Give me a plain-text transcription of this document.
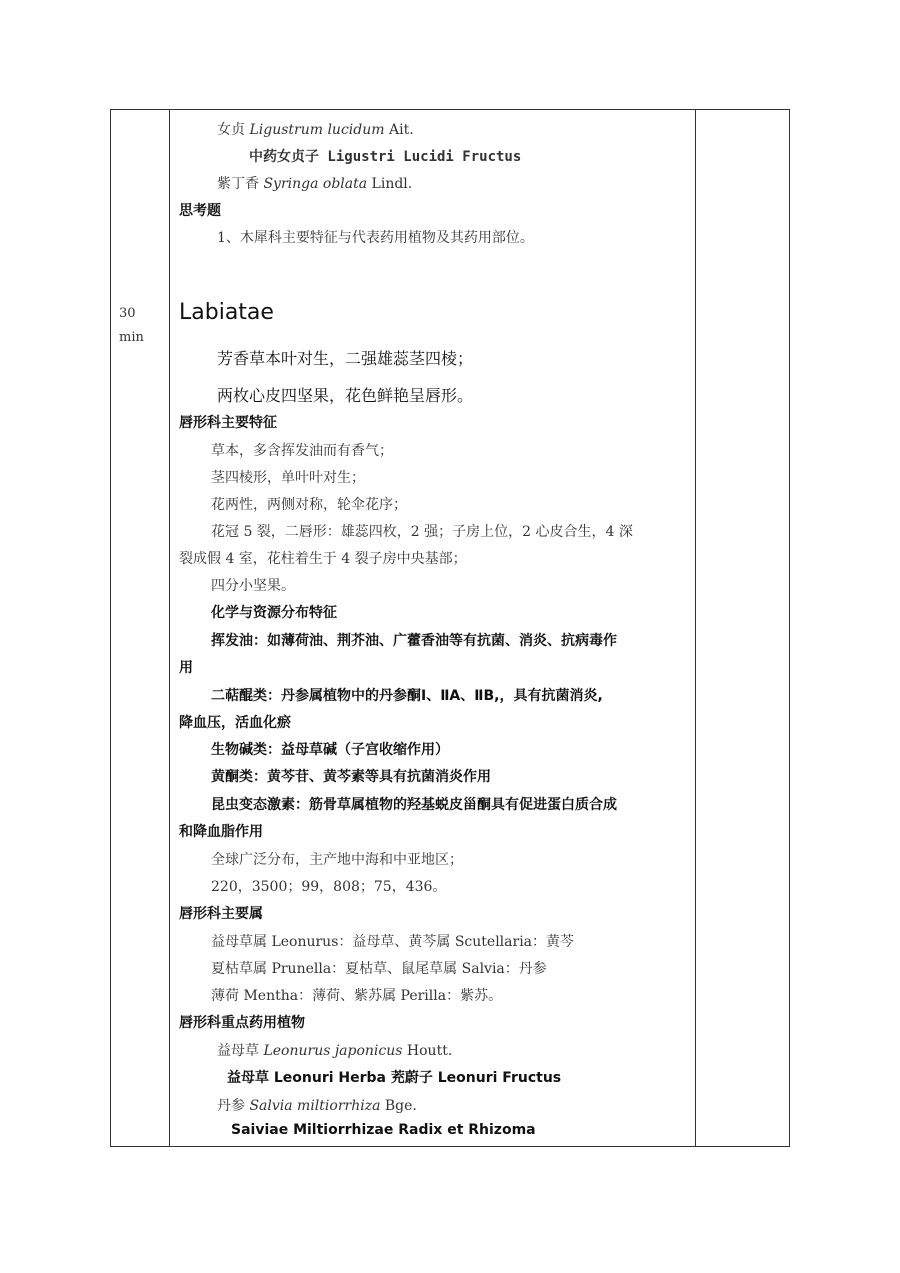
30
min
女贞 Ligustrum lucidum Ait.
中药女贞子 Ligustri Lucidi Fructus
紫丁香 Syringa oblata Lindl.
思考题
1、木犀科主要特征与代表药用植物及其药用部位。
Labiatae
芳香草本叶对生，二强雄蕊茎四棱；
两枚心皮四坚果，花色鲜艳呈唇形。
唇形科主要特征
草本，多含挥发油而有香气；
茎四棱形，单叶叶对生；
花两性，两侧对称，轮伞花序；
花冠 5 裂，二唇形：雄蕊四枚，2 强；子房上位，2 心皮合生，4 深
裂成假 4 室，花柱着生于 4 裂子房中央基部；
四分小坚果。
化学与资源分布特征
挥发油：如薄荷油、荆芥油、广藿香油等有抗菌、消炎、抗病毒作
用
二萜醌类：丹参属植物中的丹参酮Ⅰ、ⅡA、ⅡB,，具有抗菌消炎,
降血压，活血化瘀
生物碱类：益母草碱（子宫收缩作用）
黄酮类：黄芩苷、黄芩素等具有抗菌消炎作用
昆虫变态激素：筋骨草属植物的羟基蜕皮甾酮具有促进蛋白质合成
和降血脂作用
全球广泛分布，主产地中海和中亚地区；
220，3500；99，808；75，436。
唇形科主要属
益母草属 Leonurus：益母草、黄芩属 Scutellaria：黄芩
夏枯草属 Prunella：夏枯草、鼠尾草属 Salvia：丹参
薄荷 Mentha：薄荷、紫苏属 Perilla：紫苏。
唇形科重点药用植物
益母草 Leonurus japonicus Houtt.
益母草 Leonuri Herba 茺蔚子 Leonuri Fructus
丹参 Salvia miltiorrhiza Bge.
Saiviae Miltiorrhizae Radix et Rhizoma
